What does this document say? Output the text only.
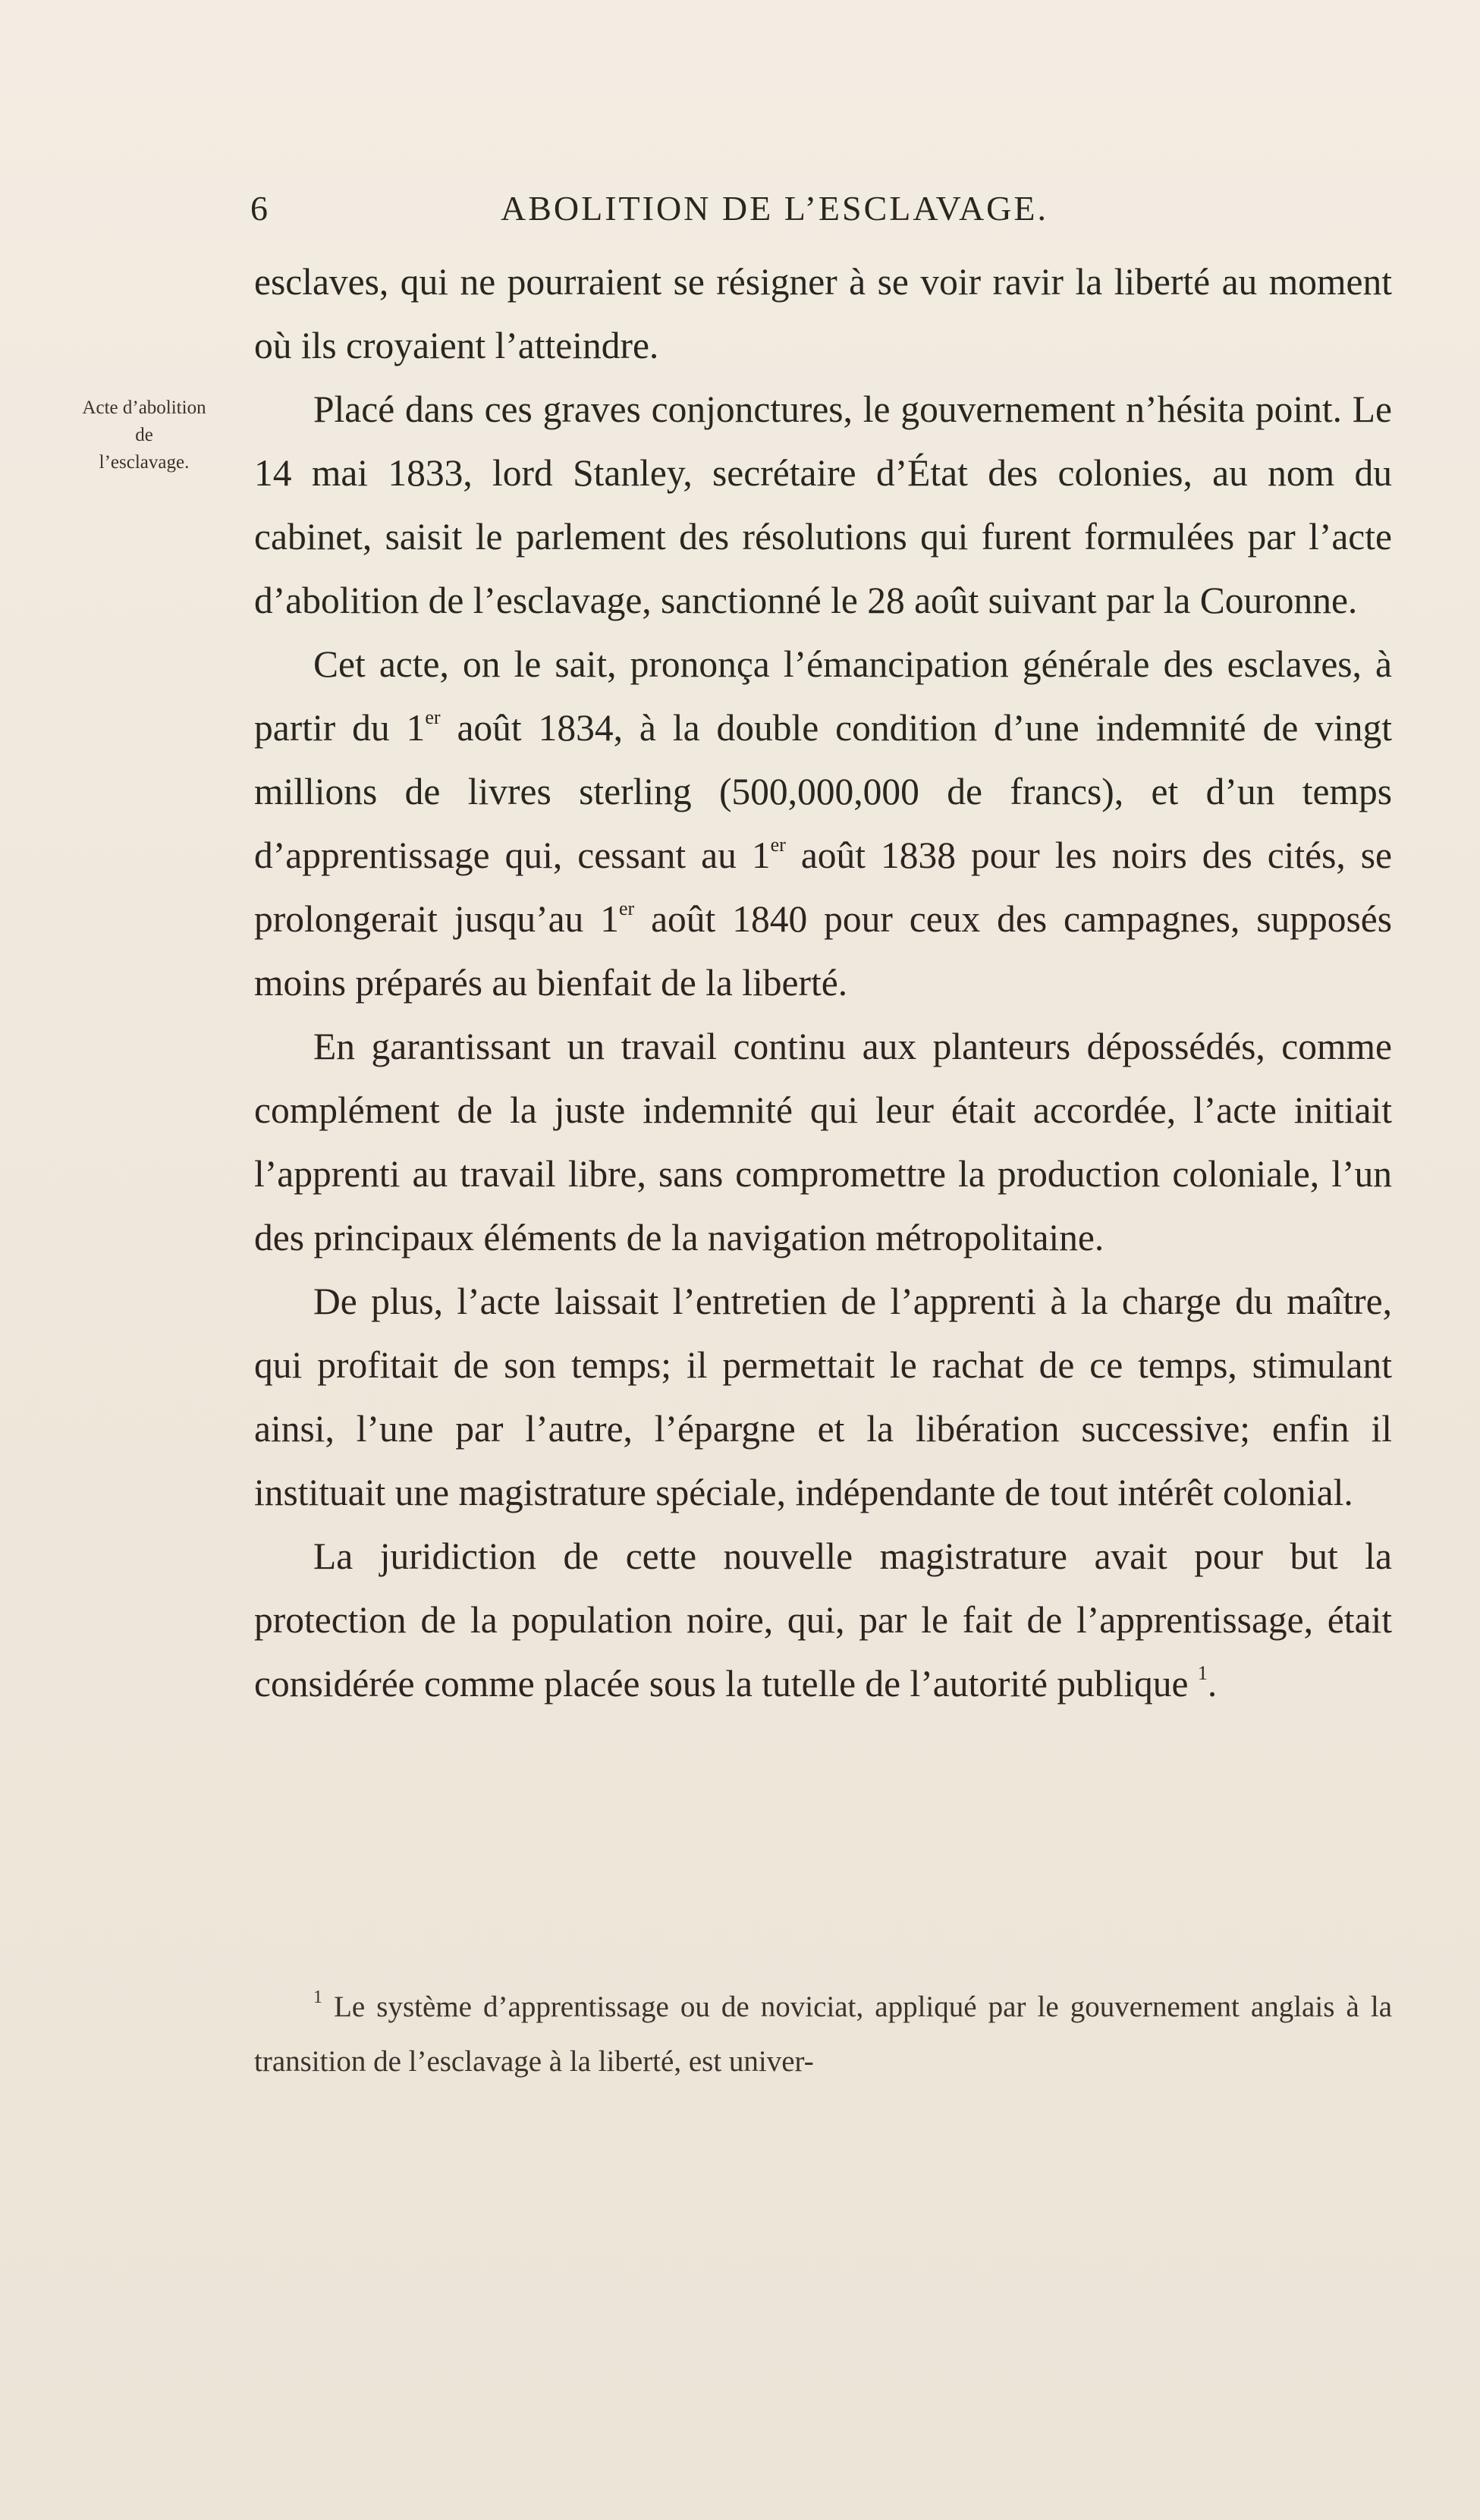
6	ABOLITION DE L’ESCLAVAGE.
Acte d’abolition
de
l’esclavage.

esclaves, qui ne pourraient se résigner à se voir ravir la liberté au moment où ils croyaient l’atteindre.

Placé dans ces graves conjonctures, le gouvernement n’hésita point. Le 14 mai 1833, lord Stanley, secrétaire d’État des colonies, au nom du cabinet, saisit le parlement des résolutions qui furent formulées par l’acte d’abolition de l’esclavage, sanctionné le 28 août suivant par la Couronne.

Cet acte, on le sait, prononça l’émancipation générale des esclaves, à partir du 1er août 1834, à la double condition d’une indemnité de vingt millions de livres sterling (500,000,000 de francs), et d’un temps d’apprentissage qui, cessant au 1er août 1838 pour les noirs des cités, se prolongerait jusqu’au 1er août 1840 pour ceux des campagnes, supposés moins préparés au bienfait de la liberté.

En garantissant un travail continu aux planteurs dépossédés, comme complément de la juste indemnité qui leur était accordée, l’acte initiait l’apprenti au travail libre, sans compromettre la production coloniale, l’un des principaux éléments de la navigation métropolitaine.

De plus, l’acte laissait l’entretien de l’apprenti à la charge du maître, qui profitait de son temps; il permettait le rachat de ce temps, stimulant ainsi, l’une par l’autre, l’épargne et la libération successive; enfin il instituait une magistrature spéciale, indépendante de tout intérêt colonial.

La juridiction de cette nouvelle magistrature avait pour but la protection de la population noire, qui, par le fait de l’apprentissage, était considérée comme placée sous la tutelle de l’autorité publique $^1$.

$^1$ Le système d’apprentissage ou de noviciat, appliqué par le gouvernement anglais à la transition de l’esclavage à la liberté, est univer-
